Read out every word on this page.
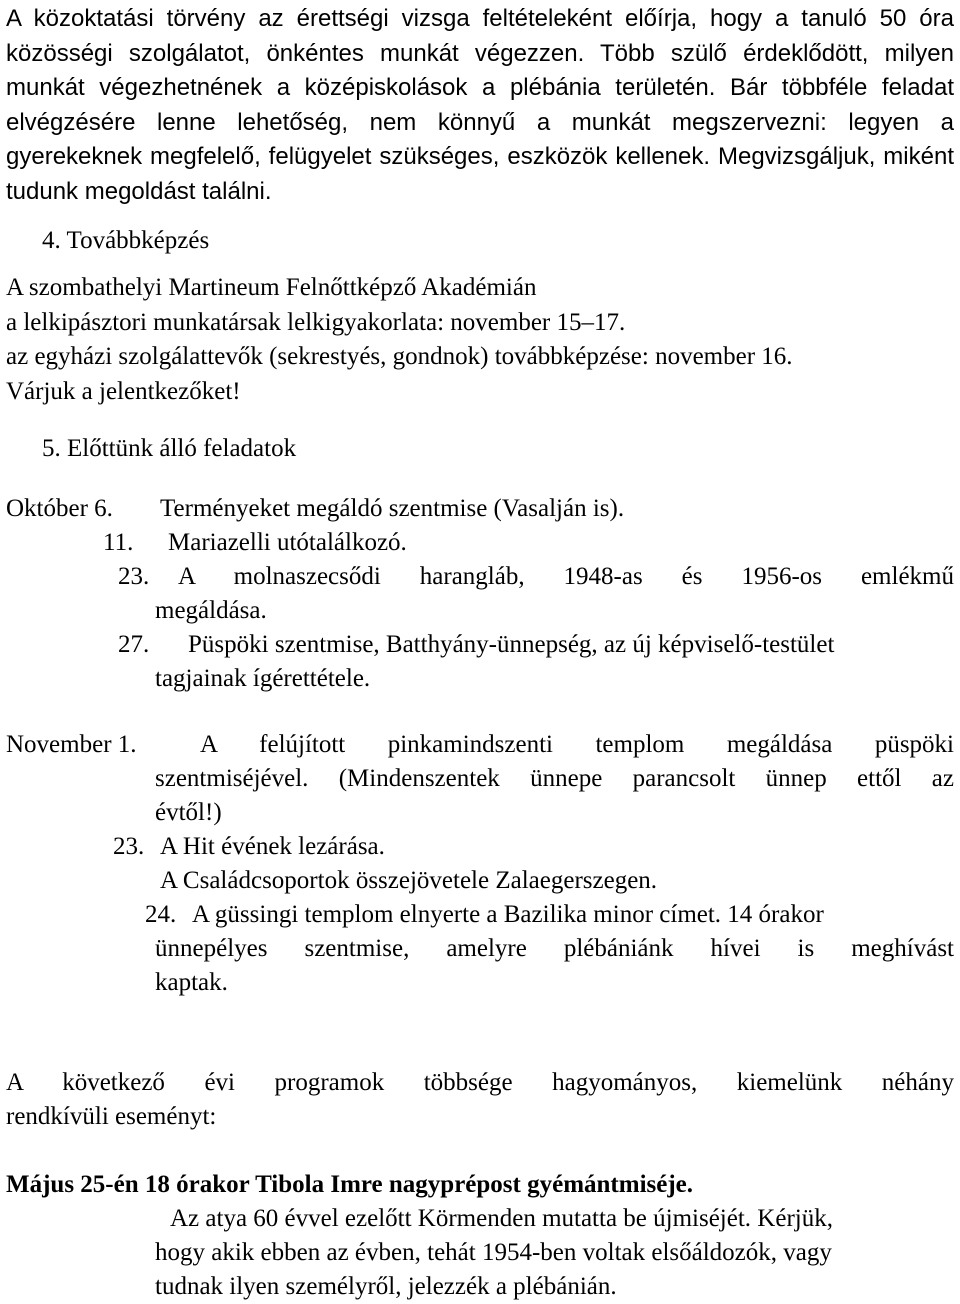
A közoktatási törvény az érettségi vizsga feltételeként előírja, hogy a tanuló 50 óra közösségi szolgálatot, önkéntes munkát végezzen. Több szülő érdeklődött, milyen munkát végezhetnének a középiskolások a plébánia területén. Bár többféle feladat elvégzésére lenne lehetőség, nem könnyű a munkát megszervezni: legyen a gyerekeknek megfelelő, felügyelet szükséges, eszközök kellenek. Megvizsgáljuk, miként tudunk megoldást találni.
4. Továbbképzés
A szombathelyi Martineum Felnőttképző Akadémián
a lelkipásztori munkatársak lelkigyakorlata: november 15–17.
az egyházi szolgálattevők (sekrestyés, gondnok) továbbképzése: november 16.
Várjuk a jelentkezőket!
5. Előttünk álló feladatok
Október 6. Terményeket megáldó szentmise (Vasalján is).
11. Mariazelli utótalálkozó.
23. A molnaszecsődi harangláb, 1948-as és 1956-os emlékmű
megáldása.
27. Püspöki szentmise, Batthyány-ünnepség, az új képviselő-testület
tagjainak ígérettétele.
November 1.	A felújított pinkamindszenti templom megáldása püspöki
szentmiséjével. (Mindenszentek ünnepe parancsolt ünnep ettől az
évtől!)
23. A Hit évének lezárása.
A Családcsoportok összejövetele Zalaegerszegen.
24. A güssingi templom elnyerte a Bazilika minor címet. 14 órakor
ünnepélyes szentmise, amelyre plébániánk hívei is meghívást
kaptak.
A következő évi programok többsége hagyományos, kiemelünk néhány
rendkívüli eseményt:
Május 25-én 18 órakor Tibola Imre nagyprépost gyémántmiséje.
Az atya 60 évvel ezelőtt Körmenden mutatta be újmiséjét. Kérjük,
hogy akik ebben az évben, tehát 1954-ben voltak elsőáldozók, vagy
tudnak ilyen személyről, jelezzék a plébánián.
